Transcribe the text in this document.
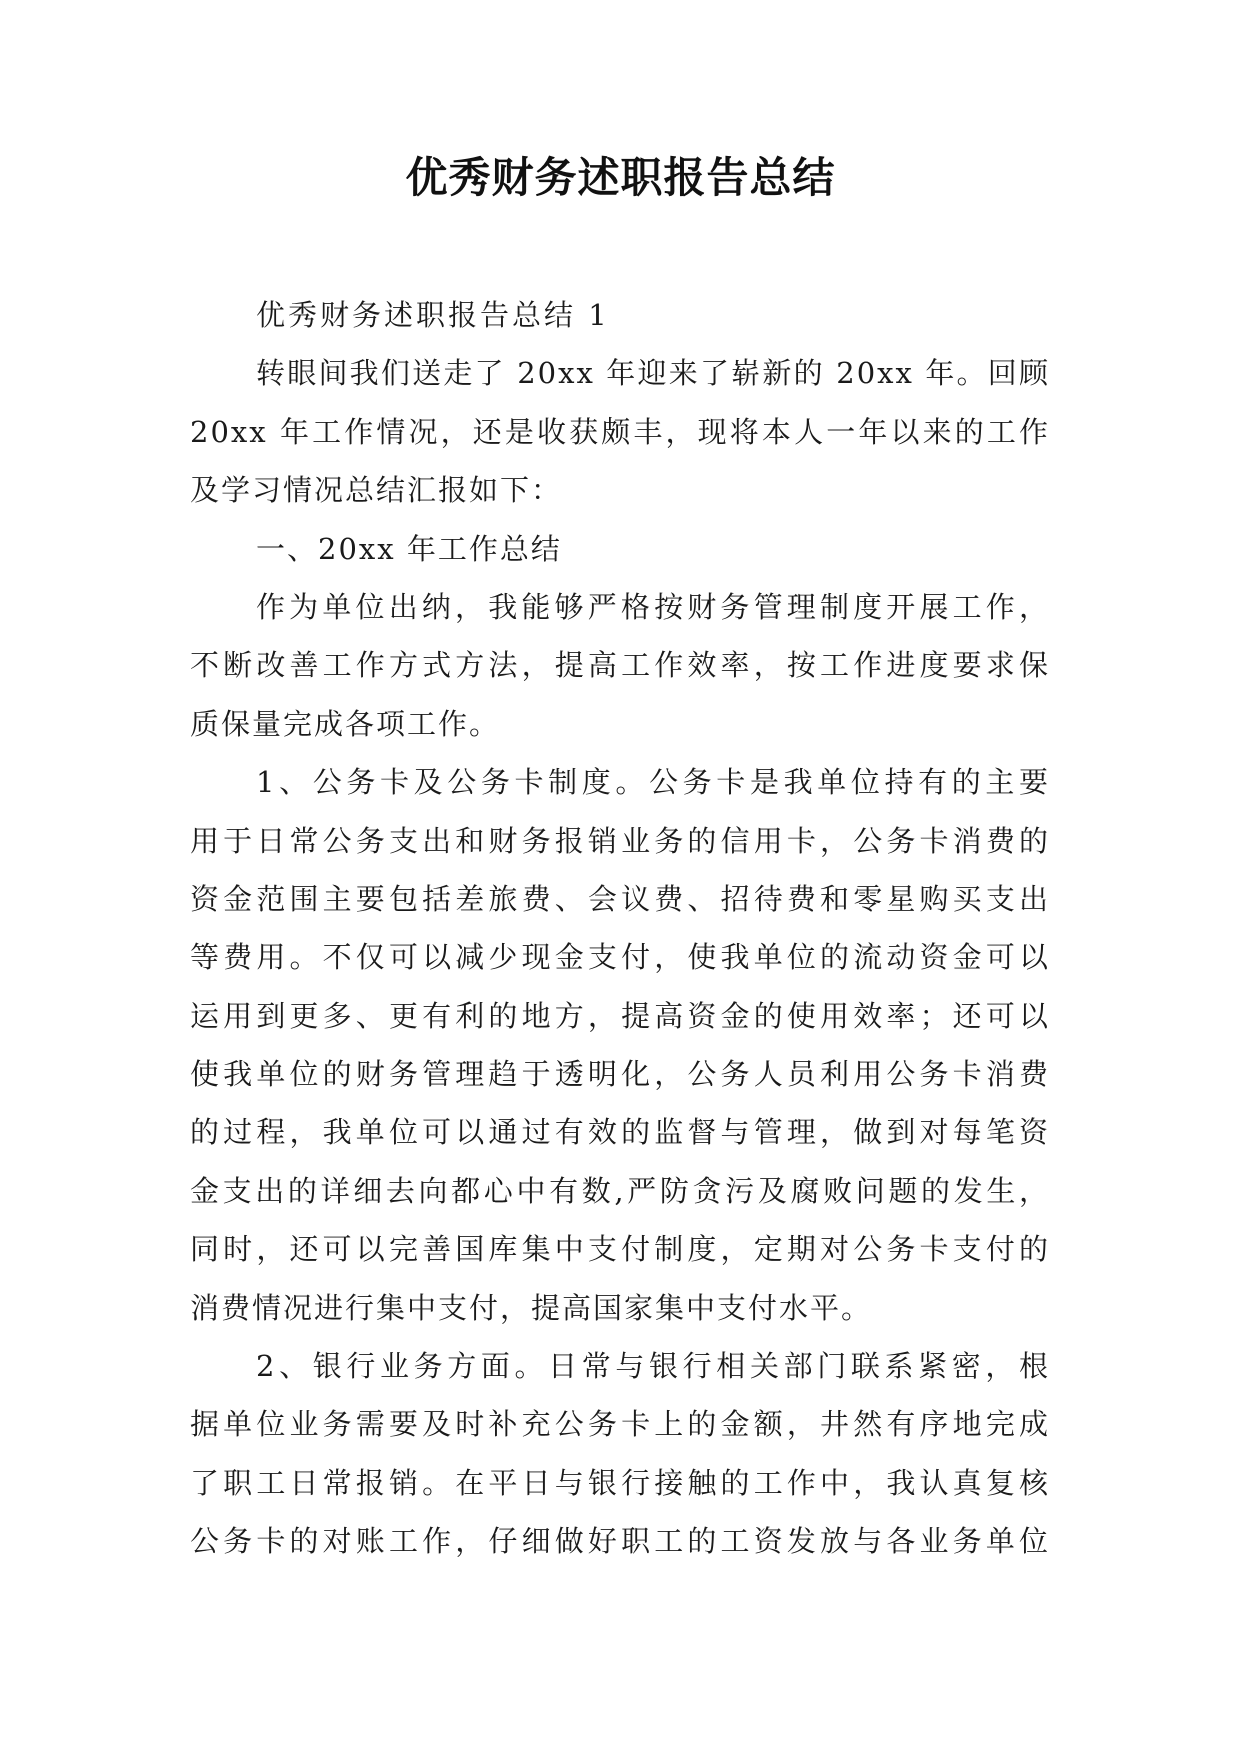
优秀财务述职报告总结
优秀财务述职报告总结 1
转眼间我们送走了 20xx 年迎来了崭新的 20xx 年。回顾
20xx 年工作情况，还是收获颇丰，现将本人一年以来的工作
及学习情况总结汇报如下：
一、20xx 年工作总结
作为单位出纳，我能够严格按财务管理制度开展工作，
不断改善工作方式方法，提高工作效率，按工作进度要求保
质保量完成各项工作。
1、公务卡及公务卡制度。公务卡是我单位持有的主要
用于日常公务支出和财务报销业务的信用卡，公务卡消费的
资金范围主要包括差旅费、会议费、招待费和零星购买支出
等费用。不仅可以减少现金支付，使我单位的流动资金可以
运用到更多、更有利的地方，提高资金的使用效率；还可以
使我单位的财务管理趋于透明化，公务人员利用公务卡消费
的过程，我单位可以通过有效的监督与管理，做到对每笔资
金支出的详细去向都心中有数,严防贪污及腐败问题的发生，
同时，还可以完善国库集中支付制度，定期对公务卡支付的
消费情况进行集中支付，提高国家集中支付水平。
2、银行业务方面。日常与银行相关部门联系紧密，根
据单位业务需要及时补充公务卡上的金额，井然有序地完成
了职工日常报销。在平日与银行接触的工作中，我认真复核
公务卡的对账工作，仔细做好职工的工资发放与各业务单位
